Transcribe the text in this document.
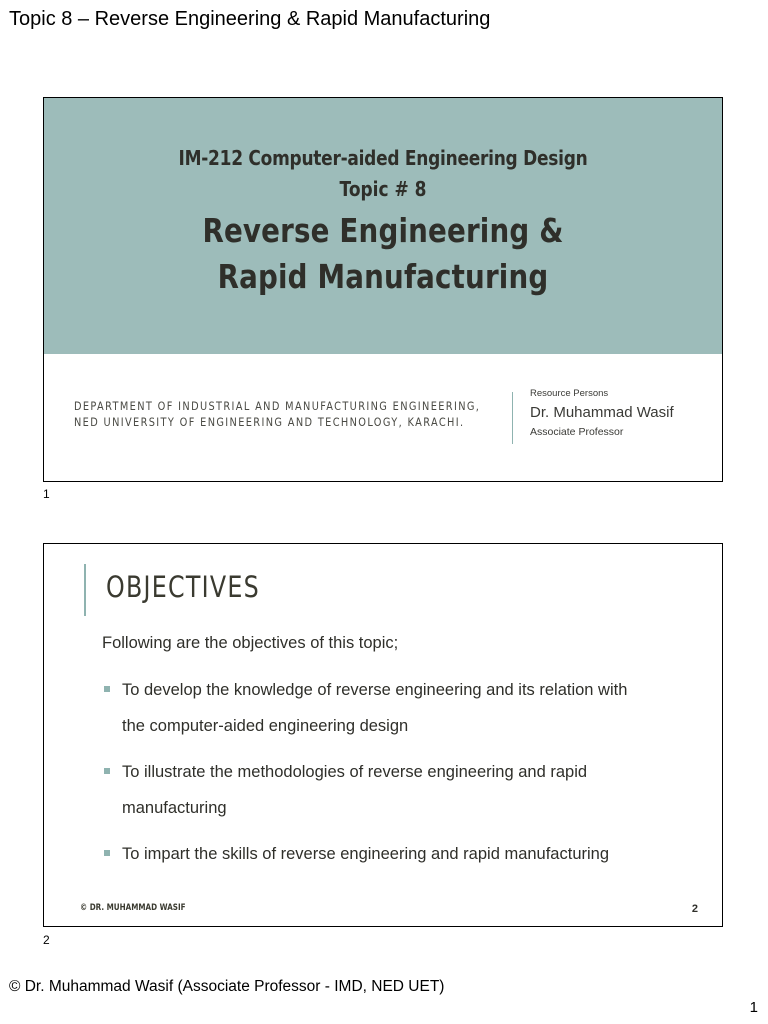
Topic 8 – Reverse Engineering & Rapid Manufacturing
IM-212 Computer-aided Engineering Design
Topic # 8
Reverse Engineering &
Rapid Manufacturing
DEPARTMENT OF INDUSTRIAL AND MANUFACTURING ENGINEERING,
NED UNIVERSITY OF ENGINEERING AND TECHNOLOGY, KARACHI.
Resource Persons
Dr. Muhammad Wasif
Associate Professor
1
OBJECTIVES
Following are the objectives of this topic;
To develop the knowledge of reverse engineering and its relation with
the computer-aided engineering design
To illustrate the methodologies of reverse engineering and rapid
manufacturing
To impart the skills of reverse engineering and rapid manufacturing
© DR. MUHAMMAD WASIF	2
2
© Dr. Muhammad Wasif (Associate Professor - IMD, NED UET)
1
